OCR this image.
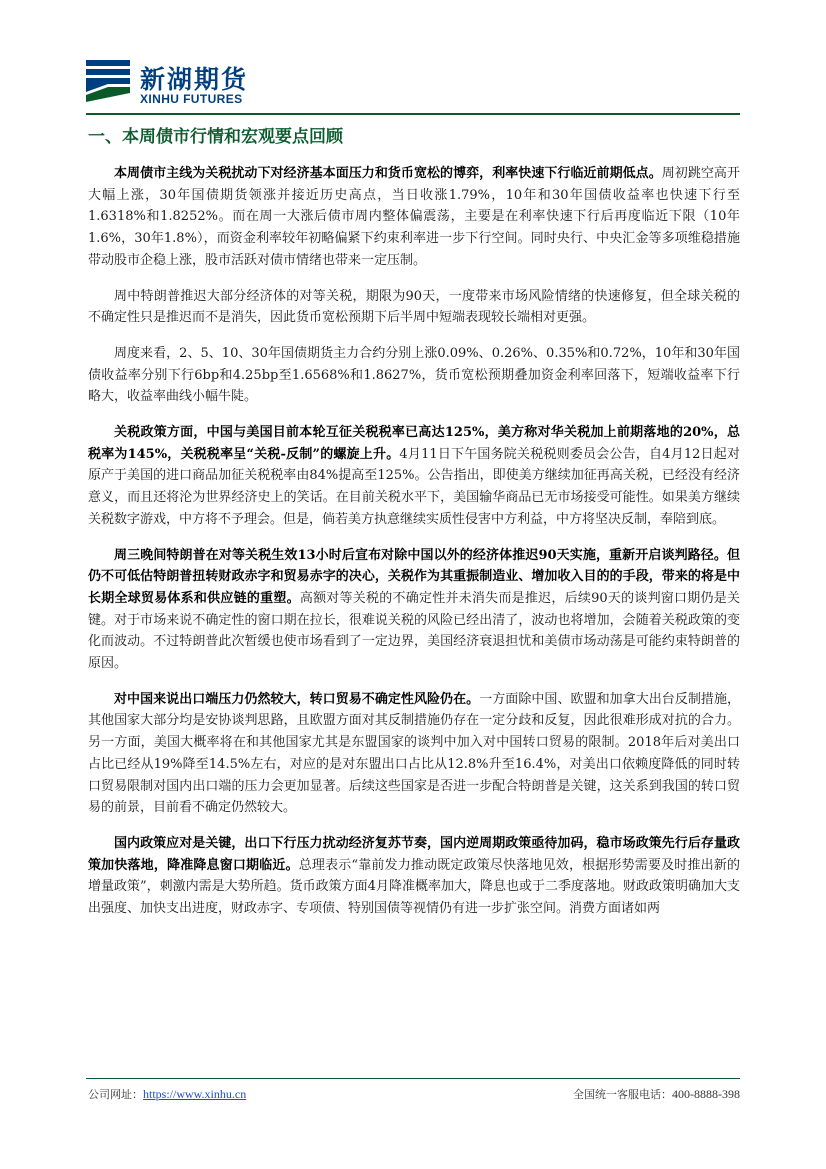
新湖期货
XINHU FUTURES
一、本周债市行情和宏观要点回顾

本周债市主线为关税扰动下对经济基本面压力和货币宽松的博弈，利率快速下行临近前期低点。周初跳空高开大幅上涨，30年国债期货领涨并接近历史高点，当日收涨1.79%，10年和30年国债收益率也快速下行至1.6318%和1.8252%。而在周一大涨后债市周内整体偏震荡，主要是在利率快速下行后再度临近下限（10年1.6%，30年1.8%），而资金利率较年初略偏紧下约束利率进一步下行空间。同时央行、中央汇金等多项维稳措施带动股市企稳上涨，股市活跃对债市情绪也带来一定压制。

周中特朗普推迟大部分经济体的对等关税，期限为90天，一度带来市场风险情绪的快速修复，但全球关税的不确定性只是推迟而不是消失，因此货币宽松预期下后半周中短端表现较长端相对更强。

周度来看，2、5、10、30年国债期货主力合约分别上涨0.09%、0.26%、0.35%和0.72%，10年和30年国债收益率分别下行6bp和4.25bp至1.6568%和1.8627%，货币宽松预期叠加资金利率回落下，短端收益率下行略大，收益率曲线小幅牛陡。

关税政策方面，中国与美国目前本轮互征关税税率已高达125%，美方称对华关税加上前期落地的20%，总税率为145%，关税税率呈“关税-反制”的螺旋上升。4月11日下午国务院关税税则委员会公告，自4月12日起对原产于美国的进口商品加征关税税率由84%提高至125%。公告指出，即使美方继续加征再高关税，已经没有经济意义，而且还将沦为世界经济史上的笑话。在目前关税水平下，美国输华商品已无市场接受可能性。如果美方继续关税数字游戏，中方将不予理会。但是，倘若美方执意继续实质性侵害中方利益，中方将坚决反制，奉陪到底。

周三晚间特朗普在对等关税生效13小时后宣布对除中国以外的经济体推迟90天实施，重新开启谈判路径。但仍不可低估特朗普扭转财政赤字和贸易赤字的决心，关税作为其重振制造业、增加收入目的的手段，带来的将是中长期全球贸易体系和供应链的重塑。高额对等关税的不确定性并未消失而是推迟，后续90天的谈判窗口期仍是关键。对于市场来说不确定性的窗口期在拉长，很难说关税的风险已经出清了，波动也将增加，会随着关税政策的变化而波动。不过特朗普此次暂缓也使市场看到了一定边界，美国经济衰退担忧和美债市场动荡是可能约束特朗普的原因。

对中国来说出口端压力仍然较大，转口贸易不确定性风险仍在。一方面除中国、欧盟和加拿大出台反制措施，其他国家大部分均是安协谈判思路，且欧盟方面对其反制措施仍存在一定分歧和反复，因此很难形成对抗的合力。另一方面，美国大概率将在和其他国家尤其是东盟国家的谈判中加入对中国转口贸易的限制。2018年后对美出口占比已经从19%降至14.5%左右，对应的是对东盟出口占比从12.8%升至16.4%，对美出口依赖度降低的同时转口贸易限制对国内出口端的压力会更加显著。后续这些国家是否进一步配合特朗普是关键，这关系到我国的转口贸易的前景，目前看不确定仍然较大。

国内政策应对是关键，出口下行压力扰动经济复苏节奏，国内逆周期政策亟待加码，稳市场政策先行后存量政策加快落地，降准降息窗口期临近。总理表示“靠前发力推动既定政策尽快落地见效，根据形势需要及时推出新的增量政策”，刺激内需是大势所趋。货币政策方面4月降准概率加大，降息也或于二季度落地。财政政策明确加大支出强度、加快支出进度，财政赤字、专项债、特别国债等视情仍有进一步扩张空间。消费方面诸如两

公司网址：https://www.xinhu.cn	全国统一客服电话：400-8888-398
